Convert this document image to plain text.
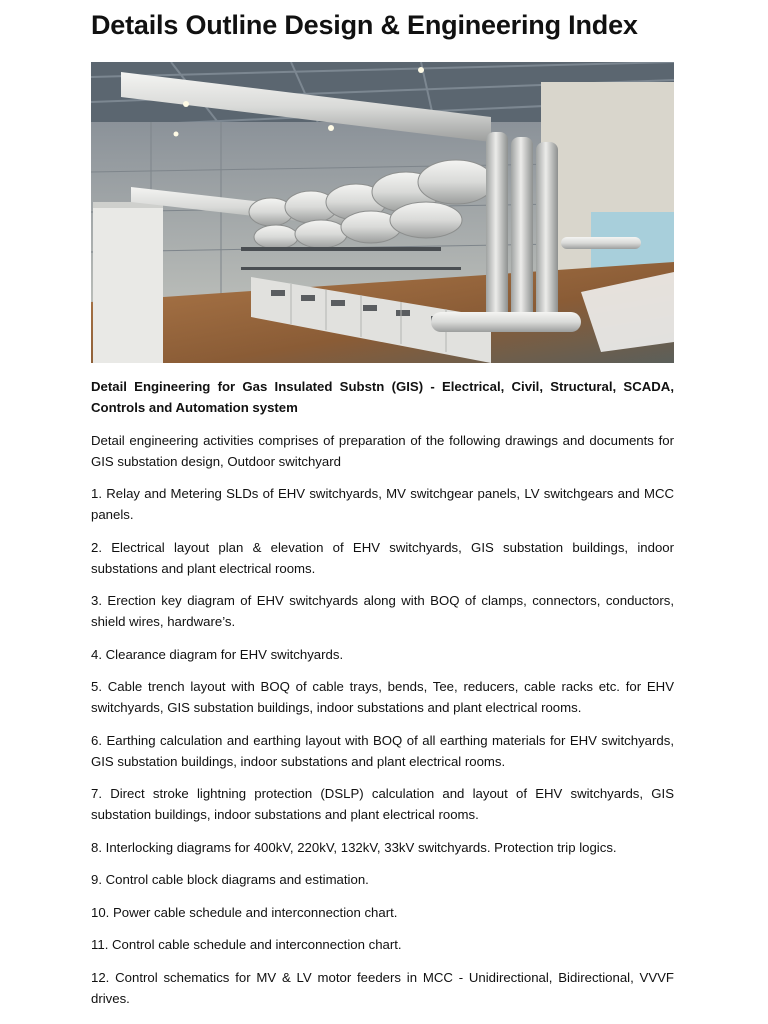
Details Outline Design & Engineering Index

Detail Engineering for Gas Insulated Substn (GIS) - Electrical, Civil, Structural, SCADA, Controls and Automation system

Detail engineering activities comprises of preparation of the following drawings and documents for GIS substation design, Outdoor switchyard

1. Relay and Metering SLDs of EHV switchyards, MV switchgear panels, LV switchgears and MCC panels.

2. Electrical layout plan & elevation of EHV switchyards, GIS substation buildings, indoor substations and plant electrical rooms.

3. Erection key diagram of EHV switchyards along with BOQ of clamps, connectors, conductors, shield wires, hardware’s.

4. Clearance diagram for EHV switchyards.

5. Cable trench layout with BOQ of cable trays, bends, Tee, reducers, cable racks etc. for EHV switchyards, GIS substation buildings, indoor substations and plant electrical rooms.

6. Earthing calculation and earthing layout with BOQ of all earthing materials for EHV switchyards, GIS substation buildings, indoor substations and plant electrical rooms.

7. Direct stroke lightning protection (DSLP) calculation and layout of EHV switchyards, GIS substation buildings, indoor substations and plant electrical rooms.

8. Interlocking diagrams for 400kV, 220kV, 132kV, 33kV switchyards. Protection trip logics.

9. Control cable block diagrams and estimation.

10. Power cable schedule and interconnection chart.

11. Control cable schedule and interconnection chart.

12. Control schematics for MV & LV motor feeders in MCC - Unidirectional, Bidirectional, VVVF drives.
